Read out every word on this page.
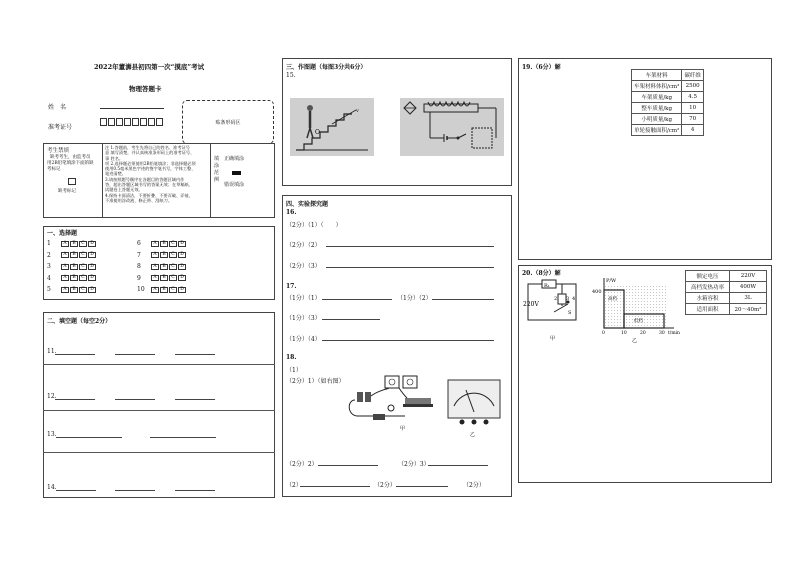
2022年董浉县初四第一次“摸底”考试
物理答题卡
姓　名
准考证号
贴条形码区
考生禁填
缺考考生，由监考员
用2B铅笔填涂下面的缺
考标记
缺考标记
注 1.答题前，考生先将自己的姓名、准考证号
意 填写清楚，并认真核准条形码上的准考证号、
事 姓名。
项 2.选择题必须使用2B铅笔填涂；非选择题必须
使用0.5毫米黑色字迹的签字笔书写，字体工整、
笔迹清楚。
3.请按照题号顺序在各题目的答题区域内作
答，超出答题区域书写的答案无效；在草稿纸、
试题卷上答题无效。
4.保持卡面清洁，不要折叠、不要弄破、弄皱，
不准使用涂改液、修正带、刮纸刀。
填涂范例
正确填涂
错误填涂
一、选择题
1	A	B	C	D
2	A	B	C	D
3	A	B	C	D
4	A	B	C	D
5	A	B	C	D
6	A	B	C	D
7	A	B	C	D
8	A	B	C	D
9	A	B	C	D
10	A	B	C	D
二、填空题（每空2分）
11.
12.
13.
14.
三、作图题（每图3分共6分）
15.
O
v
四、实验探究题
16.
（2分）（1）（　　）
（2分）（2）
（2分）（3）
17.
（1分）（1）	（1分）（2）
（1分）（3）
（1分）（4）
18.
（1）
（2分）1）（如右图）
甲
乙
（2分）2）	（2分）3）
（2）	（2分）	（2分）
19.（6分）解
车架材料	碳纤维
车架材料体积/cm³	2500
车架质量/kg	4.5
整车质量/kg	10
小明质量/kg	70
单轮接触面积/cm²	4
20.（8分）解
R₁
3 4
2
S
220V
甲
P/W
400
高档
低档
0	10	20	30 t/min
乙
额定电压	220V
高档发热功率	400W
水箱容积	3L
适用面积	20～40m²
